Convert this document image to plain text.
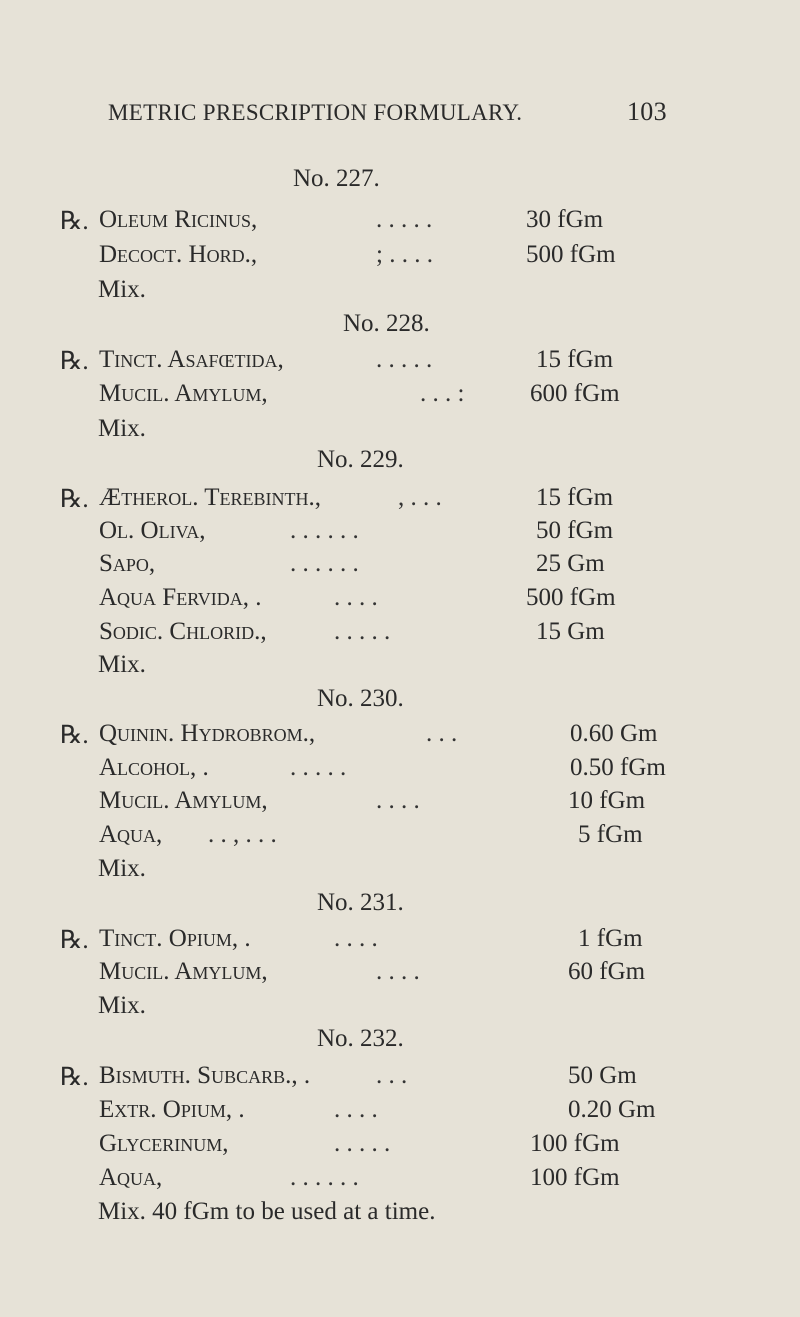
METRIC PRESCRIPTION FORMULARY.	103
No. 227.
℞. Oleum Ricinus,	. . . . .	30 fGm
Decoct. Hord.,	; . . . .	500 fGm
Mix.
No. 228.
℞. Tinct. Asafœtida,	. . . . .	15 fGm
Mucil. Amylum,	. . . :	600 fGm
Mix.
No. 229.
℞. Ætherol. Terebinth.,	, . . .	15 fGm
Ol. Oliva,	. . . . . .	50 fGm
Sapo,	. . . . . .	25 Gm
Aqua Fervida, .	. . . .	500 fGm
Sodic. Chlorid.,	. . . . .	15 Gm
Mix.
No. 230.
℞. Quinin. Hydrobrom.,	. . .	0.60 Gm
Alcohol, .	. . . . .	0.50 fGm
Mucil. Amylum,	. . . .	10 fGm
Aqua, . . , . . .	5 fGm
Mix.
No. 231.
℞. Tinct. Opium, .	. . . .	1 fGm
Mucil. Amylum,	. . . .	60 fGm
Mix.
No. 232.
℞. Bismuth. Subcarb., .	. . .	50 Gm
Extr. Opium, .	. . . .	0.20 Gm
Glycerinum,	. . . . .	100 fGm
Aqua,	. . . . . .	100 fGm
Mix. 40 fGm to be used at a time.
